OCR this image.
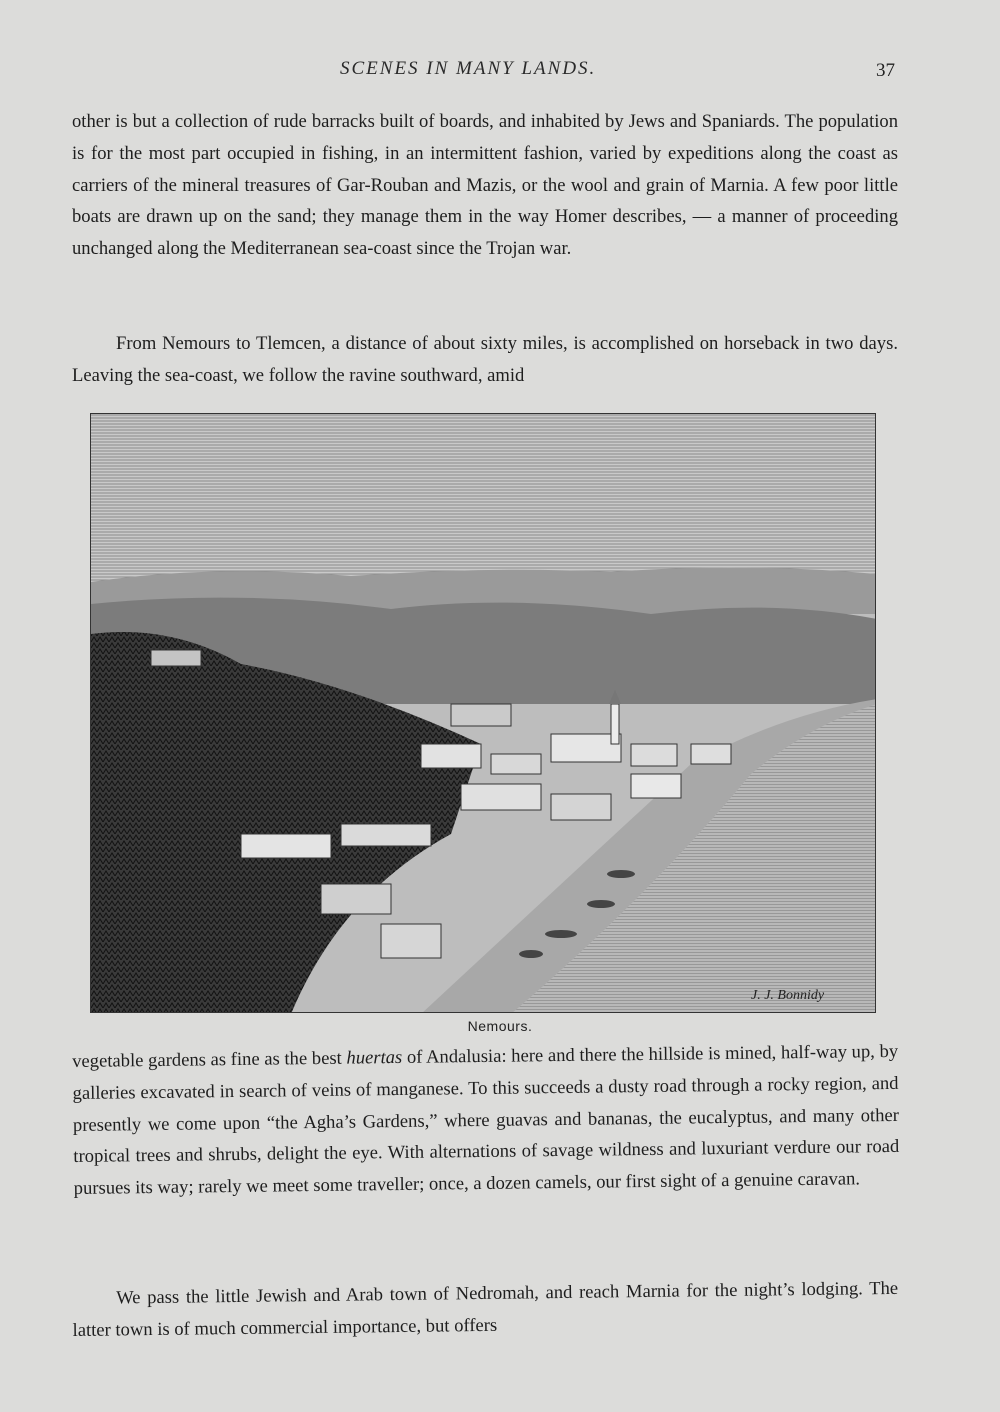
SCENES IN MANY LANDS.	37

other is but a collection of rude barracks built of boards, and inhabited by Jews and Spaniards. The population is for the most part occupied in fishing, in an intermittent fashion, varied by expeditions along the coast as carriers of the mineral treasures of Gar-Rouban and Mazis, or the wool and grain of Marnia. A few poor little boats are drawn up on the sand; they manage them in the way Homer describes, — a manner of proceeding unchanged along the Mediterranean sea-coast since the Trojan war.

From Nemours to Tlemcen, a distance of about sixty miles, is accomplished on horseback in two days. Leaving the sea-coast, we follow the ravine southward, amid

J. J. Bonnidy
Nemours.

vegetable gardens as fine as the best huertas of Andalusia: here and there the hillside is mined, half-way up, by galleries excavated in search of veins of manganese. To this succeeds a dusty road through a rocky region, and presently we come upon “the Agha’s Gardens,” where guavas and bananas, the eucalyptus, and many other tropical trees and shrubs, delight the eye. With alternations of savage wildness and luxuriant verdure our road pursues its way; rarely we meet some traveller; once, a dozen camels, our first sight of a genuine caravan.

We pass the little Jewish and Arab town of Nedromah, and reach Marnia for the night’s lodging. The latter town is of much commercial importance, but offers
